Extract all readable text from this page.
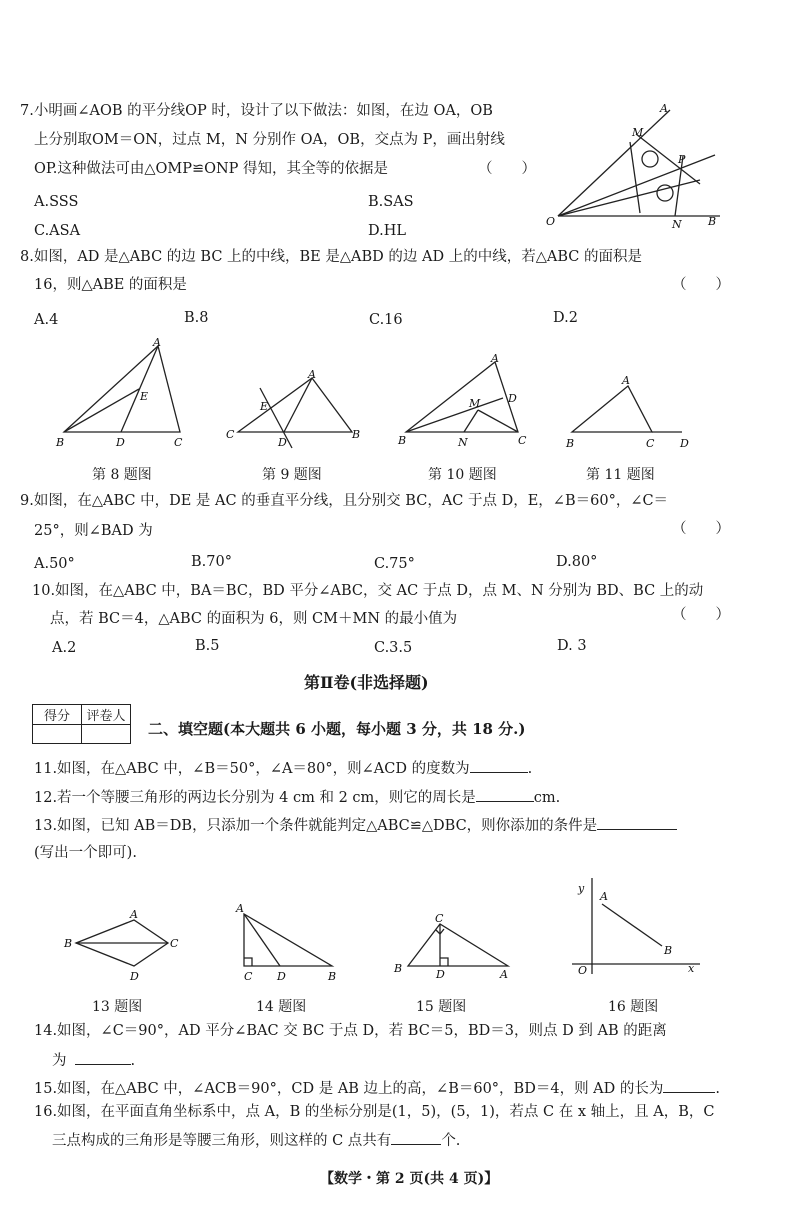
7.小明画∠AOB 的平分线OP 时，设计了以下做法：如图，在边 OA，OB
上分别取OM＝ON，过点 M，N 分别作 OA，OB，交点为 P，画出射线
OP.这种做法可由△OMP≌ONP 得知，其全等的依据是	（　　）
A.SSS	B.SAS
C.ASA	D.HL
O
A
B
M
N
P
8.如图，AD 是△ABC 的边 BC 上的中线，BE 是△ABD 的边 AD 上的中线，若△ABC 的面积是
16，则△ABE 的面积是	（　　）
A.4	B.8	C.16	D.2
A
B	C
D
E
A
B
C
D
E
A
B	C
D
M
N
A
B	C D
第 8 题图	第 9 题图	第 10 题图	第 11 题图
9.如图，在△ABC 中，DE 是 AC 的垂直平分线，且分别交 BC，AC 于点 D，E，∠B＝60°，∠C＝
25°，则∠BAD 为	（　　）
A.50°	B.70°	C.75°	D.80°
10.如图，在△ABC 中，BA＝BC，BD 平分∠ABC，交 AC 于点 D，点 M、N 分别为 BD、BC 上的动
点，若 BC＝4，△ABC 的面积为 6，则 CM＋MN 的最小值为	（　　）
A.2	B.5	C.3.5	D. 3
第Ⅱ卷(非选择题)
得分	评卷人

二、填空题(本大题共 6 小题，每小题 3 分，共 18 分.)
11.如图，在△ABC 中，∠B＝50°，∠A＝80°，则∠ACD 的度数为	.
12.若一个等腰三角形的两边长分别为 4 cm 和 2 cm，则它的周长是	cm.
13.如图，已知 AB＝DB，只添加一个条件就能判定△ABC≌△DBC，则你添加的条件是
(写出一个即可).
A
B	C
D
A
B
C D	A
B
C
D
y
x
O
A
B
13 题图	14 题图	15 题图	16 题图
14.如图，∠C＝90°，AD 平分∠BAC 交 BC 于点 D，若 BC＝5，BD＝3，则点 D 到 AB 的距离
为	.
15.如图，在△ABC 中，∠ACB＝90°，CD 是 AB 边上的高，∠B＝60°，BD＝4，则 AD 的长为	.
16.如图，在平面直角坐标系中，点 A，B 的坐标分别是(1，5)，(5，1)，若点 C 在 x 轴上，且 A，B，C
三点构成的三角形是等腰三角形，则这样的 C 点共有	个.
【数学・第 2 页(共 4 页)】
